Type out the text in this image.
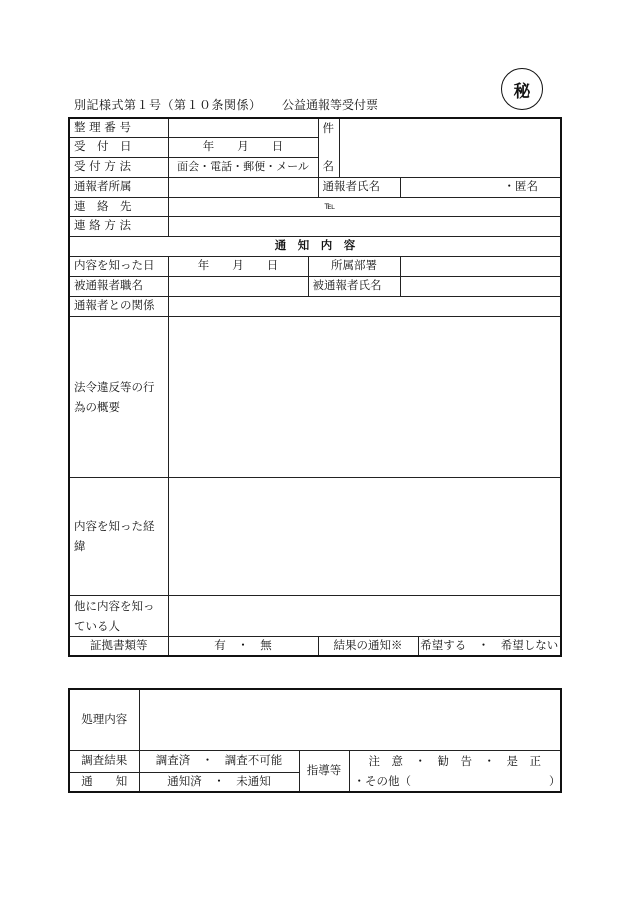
別記様式第１号（第１０条関係） 公益通報等受付票
秘
整 理 番 号			件			
受　付　日	年　　月　　日					
受 付 方 法	面会・電話・郵便・メール		名			
通報者所属			通報者氏名		・匿名	
連　絡　先	℡					
連 絡 方 法						
通　知　内　容						
内容を知った日	年　　月　　日	所属部署				
被通報者職名		被通報者氏名				
通報者との関係						
法令違反等の行為の概要						
内容を知った経緯						
他に内容を知っている人						
証拠書類等	有　・　無		結果の通知※			希望する　・　希望しない
処理内容			
調査結果	調査済　・　調査不可能	指導等	注　意　・　勧　告　・　是　正
・その他（　　　　　　　　　　　　）

通　　知	通知済　・　未通知		
